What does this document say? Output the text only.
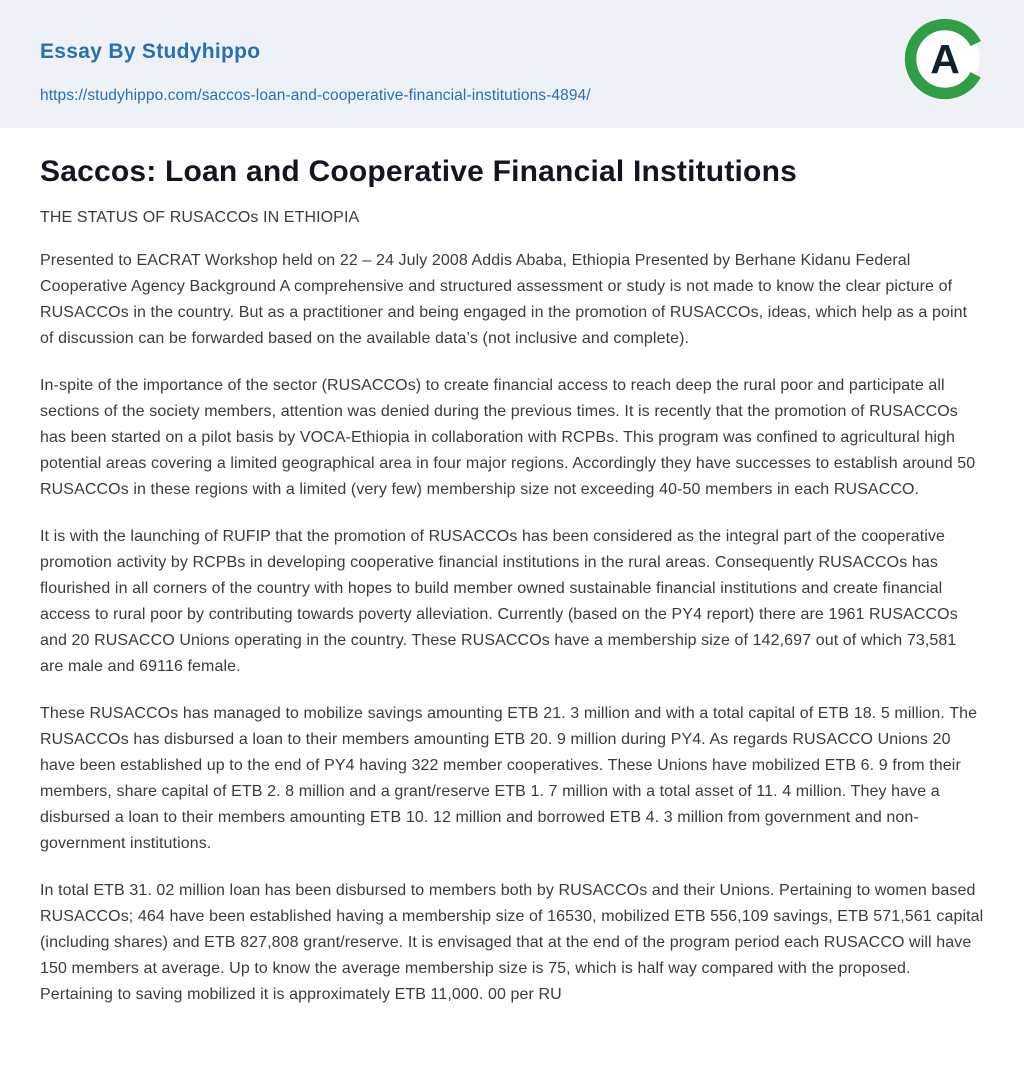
Essay By Studyhippo
https://studyhippo.com/saccos-loan-and-cooperative-financial-institutions-4894/
A
Saccos: Loan and Cooperative Financial Institutions
THE STATUS OF RUSACCOs IN ETHIOPIA

Presented to EACRAT Workshop held on 22 – 24 July 2008 Addis Ababa, Ethiopia Presented by Berhane Kidanu Federal Cooperative Agency Background A comprehensive and structured assessment or study is not made to know the clear picture of RUSACCOs in the country. But as a practitioner and being engaged in the promotion of RUSACCOs, ideas, which help as a point of discussion can be forwarded based on the available data’s (not inclusive and complete).

In-spite of the importance of the sector (RUSACCOs) to create financial access to reach deep the rural poor and participate all sections of the society members, attention was denied during the previous times. It is recently that the promotion of RUSACCOs has been started on a pilot basis by VOCA-Ethiopia in collaboration with RCPBs. This program was confined to agricultural high potential areas covering a limited geographical area in four major regions. Accordingly they have successes to establish around 50 RUSACCOs in these regions with a limited (very few) membership size not exceeding 40-50 members in each RUSACCO.

It is with the launching of RUFIP that the promotion of RUSACCOs has been considered as the integral part of the cooperative promotion activity by RCPBs in developing cooperative financial institutions in the rural areas. Consequently RUSACCOs has flourished in all corners of the country with hopes to build member owned sustainable financial institutions and create financial access to rural poor by contributing towards poverty alleviation. Currently (based on the PY4 report) there are 1961 RUSACCOs and 20 RUSACCO Unions operating in the country. These RUSACCOs have a membership size of 142,697 out of which 73,581 are male and 69116 female.

These RUSACCOs has managed to mobilize savings amounting ETB 21. 3 million and with a total capital of ETB 18. 5 million. The RUSACCOs has disbursed a loan to their members amounting ETB 20. 9 million during PY4. As regards RUSACCO Unions 20 have been established up to the end of PY4 having 322 member cooperatives. These Unions have mobilized ETB 6. 9 from their members, share capital of ETB 2. 8 million and a grant/reserve ETB 1. 7 million with a total asset of 11. 4 million. They have a disbursed a loan to their members amounting ETB 10. 12 million and borrowed ETB 4. 3 million from government and non-government institutions.

In total ETB 31. 02 million loan has been disbursed to members both by RUSACCOs and their Unions. Pertaining to women based RUSACCOs; 464 have been established having a membership size of 16530, mobilized ETB 556,109 savings, ETB 571,561 capital (including shares) and ETB 827,808 grant/reserve. It is envisaged that at the end of the program period each RUSACCO will have 150 members at average. Up to know the average membership size is 75, which is half way compared with the proposed. Pertaining to saving mobilized it is approximately ETB 11,000. 00 per RU
